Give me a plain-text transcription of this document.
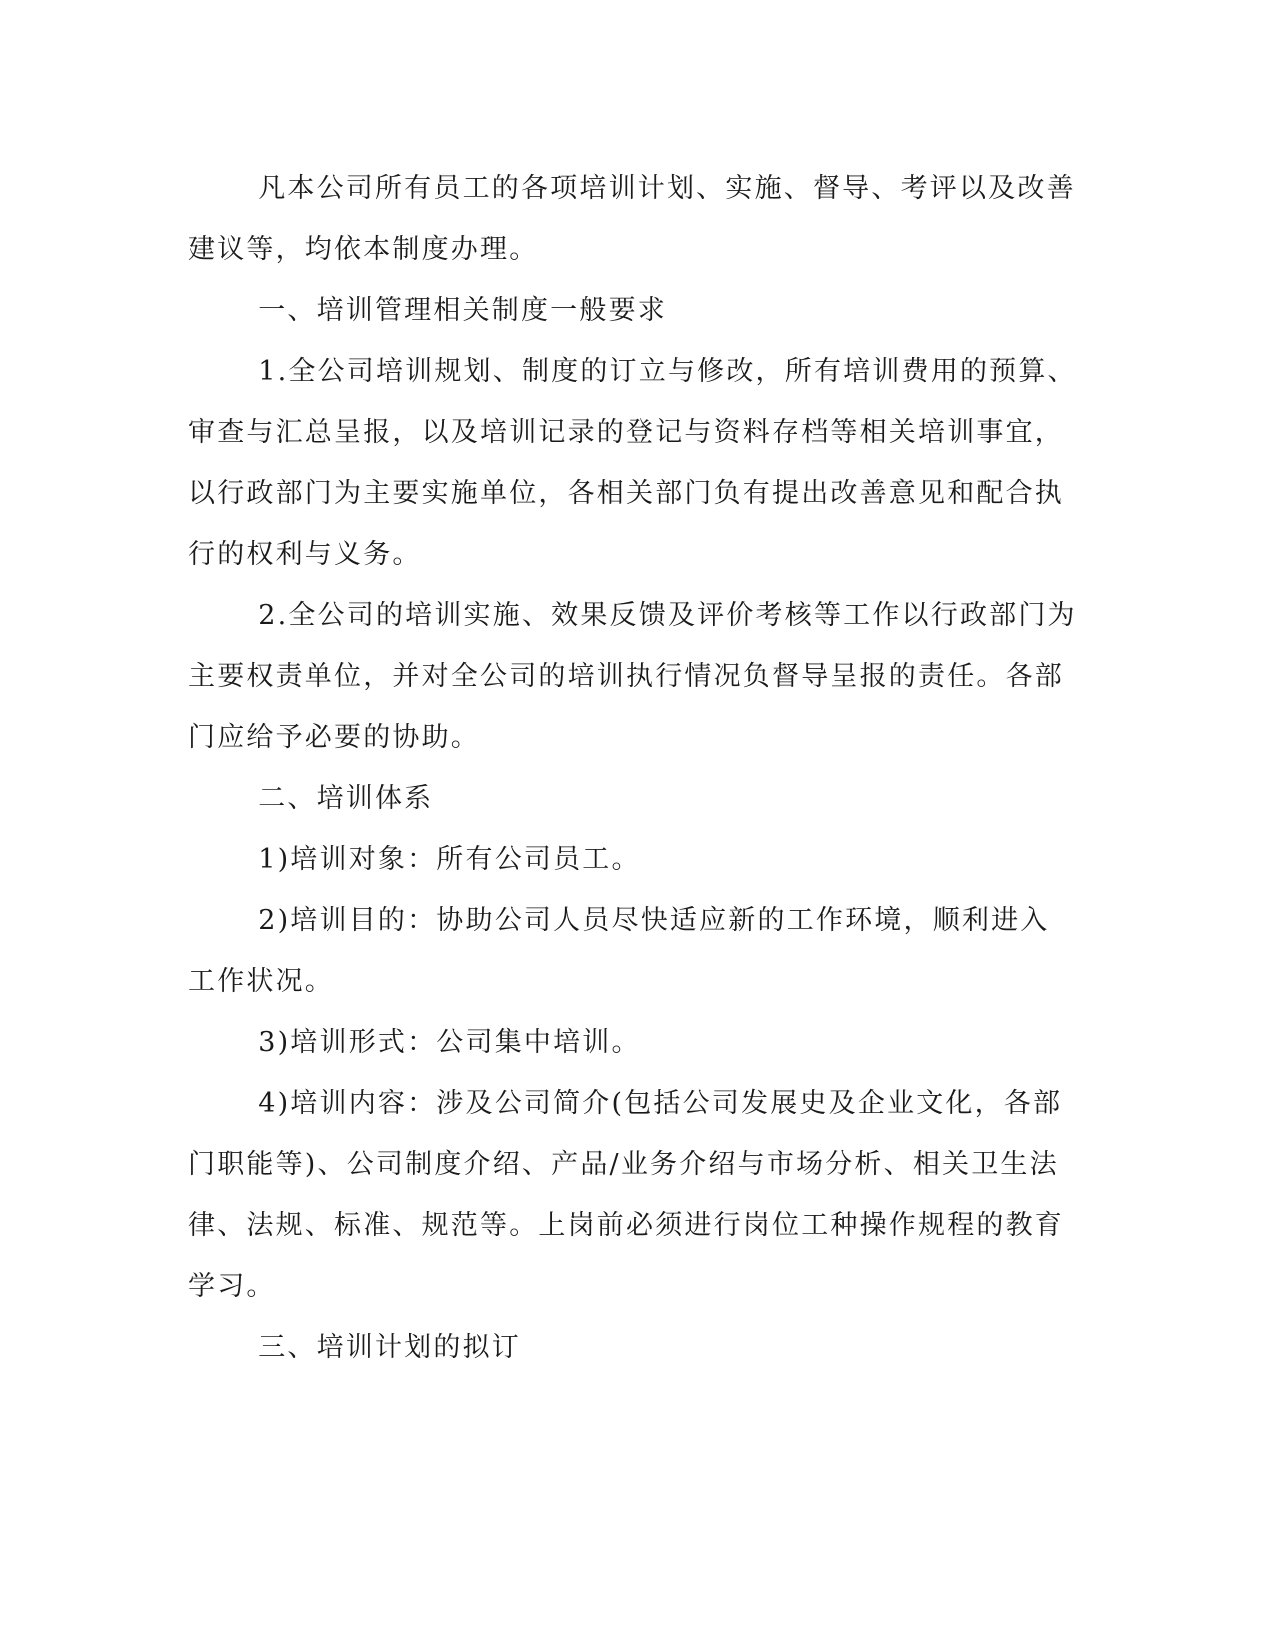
凡本公司所有员工的各项培训计划、实施、督导、考评以及改善建议等，均依本制度办理。

一、培训管理相关制度一般要求

1.全公司培训规划、制度的订立与修改，所有培训费用的预算、审查与汇总呈报，以及培训记录的登记与资料存档等相关培训事宜，以行政部门为主要实施单位，各相关部门负有提出改善意见和配合执行的权利与义务。

2.全公司的培训实施、效果反馈及评价考核等工作以行政部门为主要权责单位，并对全公司的培训执行情况负督导呈报的责任。各部门应给予必要的协助。

二、培训体系

1)培训对象：所有公司员工。

2)培训目的：协助公司人员尽快适应新的工作环境，顺利进入工作状况。

3)培训形式：公司集中培训。

4)培训内容：涉及公司简介(包括公司发展史及企业文化，各部门职能等)、公司制度介绍、产品/业务介绍与市场分析、相关卫生法律、法规、标准、规范等。上岗前必须进行岗位工种操作规程的教育学习。

三、培训计划的拟订
